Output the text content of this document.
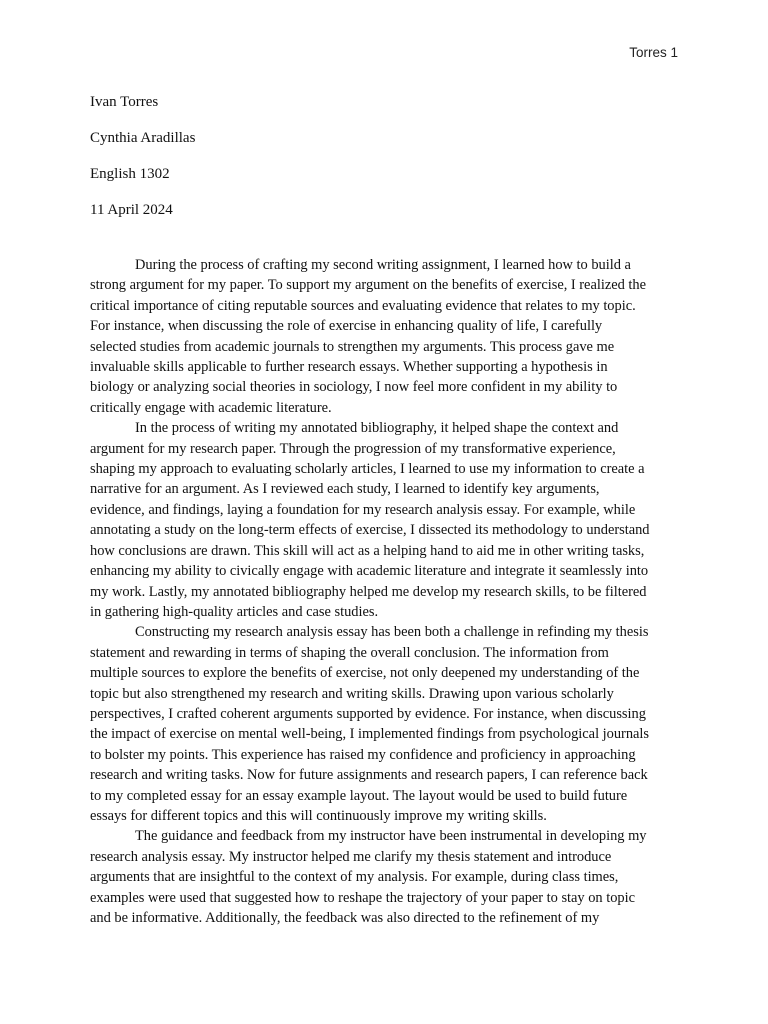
Torres 1
Ivan Torres
Cynthia Aradillas
English 1302
11 April 2024

During the process of crafting my second writing assignment, I learned how to build a
strong argument for my paper. To support my argument on the benefits of exercise, I realized the
critical importance of citing reputable sources and evaluating evidence that relates to my topic.
For instance, when discussing the role of exercise in enhancing quality of life, I carefully
selected studies from academic journals to strengthen my arguments. This process gave me
invaluable skills applicable to further research essays. Whether supporting a hypothesis in
biology or analyzing social theories in sociology, I now feel more confident in my ability to
critically engage with academic literature.

In the process of writing my annotated bibliography, it helped shape the context and
argument for my research paper. Through the progression of my transformative experience,
shaping my approach to evaluating scholarly articles, I learned to use my information to create a
narrative for an argument. As I reviewed each study, I learned to identify key arguments,
evidence, and findings, laying a foundation for my research analysis essay. For example, while
annotating a study on the long-term effects of exercise, I dissected its methodology to understand
how conclusions are drawn. This skill will act as a helping hand to aid me in other writing tasks,
enhancing my ability to civically engage with academic literature and integrate it seamlessly into
my work. Lastly, my annotated bibliography helped me develop my research skills, to be filtered
in gathering high-quality articles and case studies.

Constructing my research analysis essay has been both a challenge in refinding my thesis
statement and rewarding in terms of shaping the overall conclusion. The information from
multiple sources to explore the benefits of exercise, not only deepened my understanding of the
topic but also strengthened my research and writing skills. Drawing upon various scholarly
perspectives, I crafted coherent arguments supported by evidence. For instance, when discussing
the impact of exercise on mental well-being, I implemented findings from psychological journals
to bolster my points. This experience has raised my confidence and proficiency in approaching
research and writing tasks. Now for future assignments and research papers, I can reference back
to my completed essay for an essay example layout. The layout would be used to build future
essays for different topics and this will continuously improve my writing skills.

The guidance and feedback from my instructor have been instrumental in developing my
research analysis essay. My instructor helped me clarify my thesis statement and introduce
arguments that are insightful to the context of my analysis. For example, during class times,
examples were used that suggested how to reshape the trajectory of your paper to stay on topic
and be informative. Additionally, the feedback was also directed to the refinement of my
